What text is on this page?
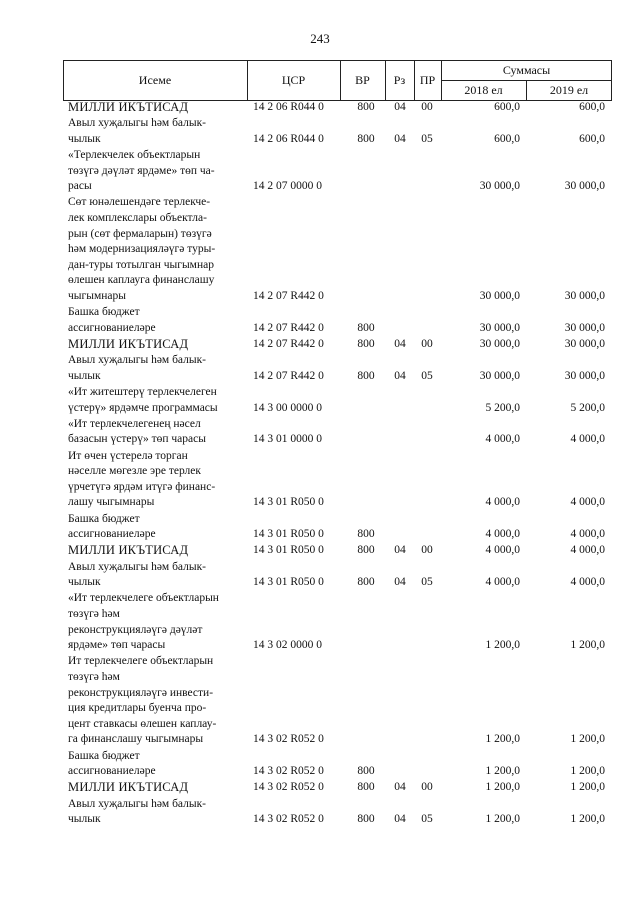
243
Исеме	ЦСР	ВР	Рз	ПР
Суммасы
2018 ел	2019 ел
МИЛЛИ ИКЪТИСАД	14 2 06 R044 0	800 04 00	600,0	600,0
Авыл хуҗалыгы һәм балык-
чылык	14 2 06 R044 0	800 04 05	600,0	600,0
«Терлекчелек объектларын
төзүгә дәүләт ярдәме» төп ча-
расы	14 2 07 0000 0	30 000,0	30 000,0
Сөт юнәлешендәге терлекче-
лек комплекслары объектла-
рын (сөт фермаларын) төзүгә
һәм модернизацияләүгә туры-
дан-туры тотылган чыгымнар
өлешен каплауга финанслашу
чыгымнары	14 2 07 R442 0	30 000,0	30 000,0
Башка бюджет
ассигнованиеләре	14 2 07 R442 0	800	30 000,0	30 000,0
МИЛЛИ ИКЪТИСАД	14 2 07 R442 0	800 04 00	30 000,0	30 000,0
Авыл хуҗалыгы һәм балык-
чылык	14 2 07 R442 0	800 04 05	30 000,0	30 000,0
«Ит житештерү терлекчелеген
үстерү» ярдәмче программасы	14 3 00 0000 0	5 200,0	5 200,0
«Ит терлекчелегенең нәсел
базасын үстерү» төп чарасы	14 3 01 0000 0	4 000,0	4 000,0
Ит өчен үстерелә торган
нәселле мөгезле эре терлек
үрчетүгә ярдәм итүгә финанс-
лашу чыгымнары	14 3 01 R050 0	4 000,0	4 000,0
Башка бюджет
ассигнованиеләре	14 3 01 R050 0	800	4 000,0	4 000,0
МИЛЛИ ИКЪТИСАД	14 3 01 R050 0	800 04 00	4 000,0	4 000,0
Авыл хуҗалыгы һәм балык-
чылык	14 3 01 R050 0	800 04 05	4 000,0	4 000,0
«Ит терлекчелеге объектларын
төзүгә һәм
реконструкцияләүгә дәүләт
ярдәме» төп чарасы	14 3 02 0000 0	1 200,0	1 200,0
Ит терлекчелеге объектларын
төзүгә һәм
реконструкцияләүгә инвести-
ция кредитлары буенча про-
цент ставкасы өлешен каплау-
га финанслашу чыгымнары	14 3 02 R052 0	1 200,0	1 200,0
Башка бюджет
ассигнованиеләре	14 3 02 R052 0	800	1 200,0	1 200,0
МИЛЛИ ИКЪТИСАД	14 3 02 R052 0	800 04 00	1 200,0	1 200,0
Авыл хуҗалыгы һәм балык-
чылык	14 3 02 R052 0	800 04 05	1 200,0	1 200,0
